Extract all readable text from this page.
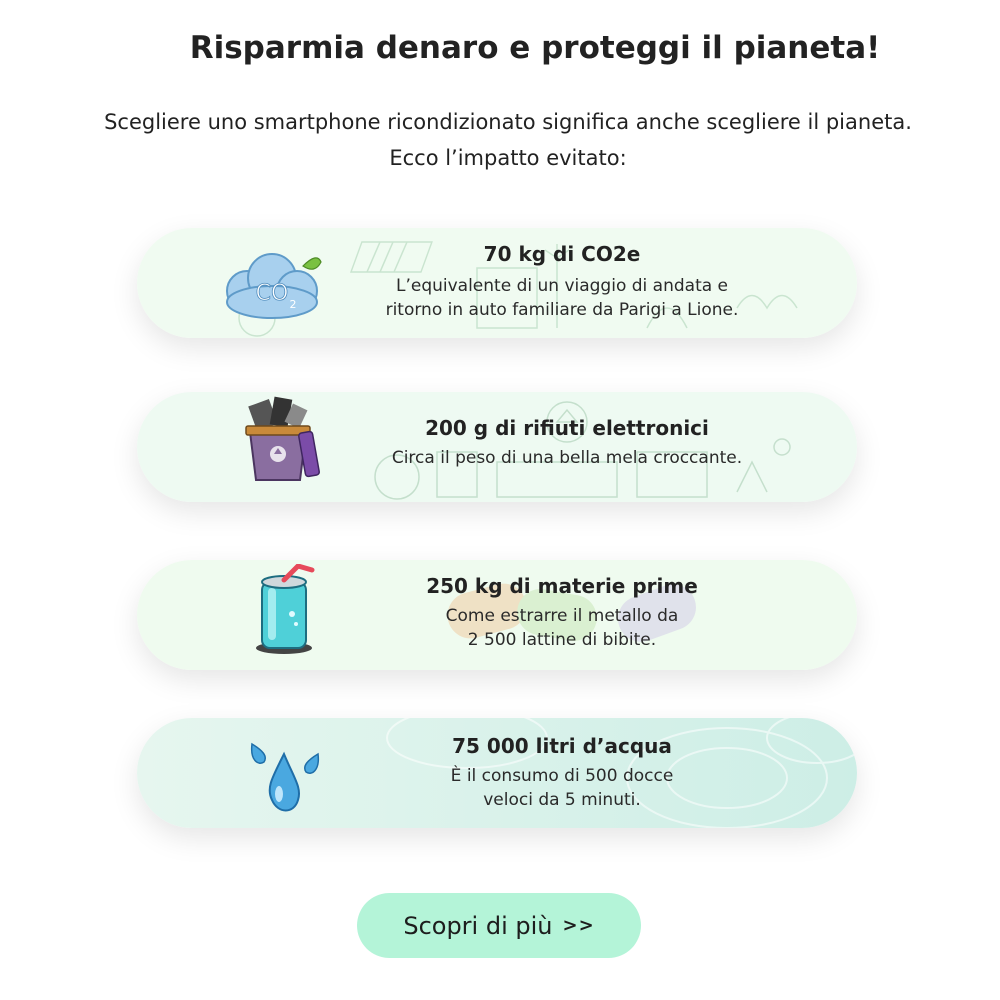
Risparmia denaro e proteggi il pianeta!

Scegliere uno smartphone ricondizionato significa anche scegliere il pianeta.
Ecco l’impatto evitato:

CO 2
70 kg di CO2e
L’equivalente di un viaggio di andata e
ritorno in auto familiare da Parigi a Lione.
200 g di rifiuti elettronici
Circa il peso di una bella mela croccante.
250 kg di materie prime
Come estrarre il metallo da
2 500 lattine di bibite.
75 000 litri d’acqua
È il consumo di 500 docce
veloci da 5 minuti.
Scopri di più >>
